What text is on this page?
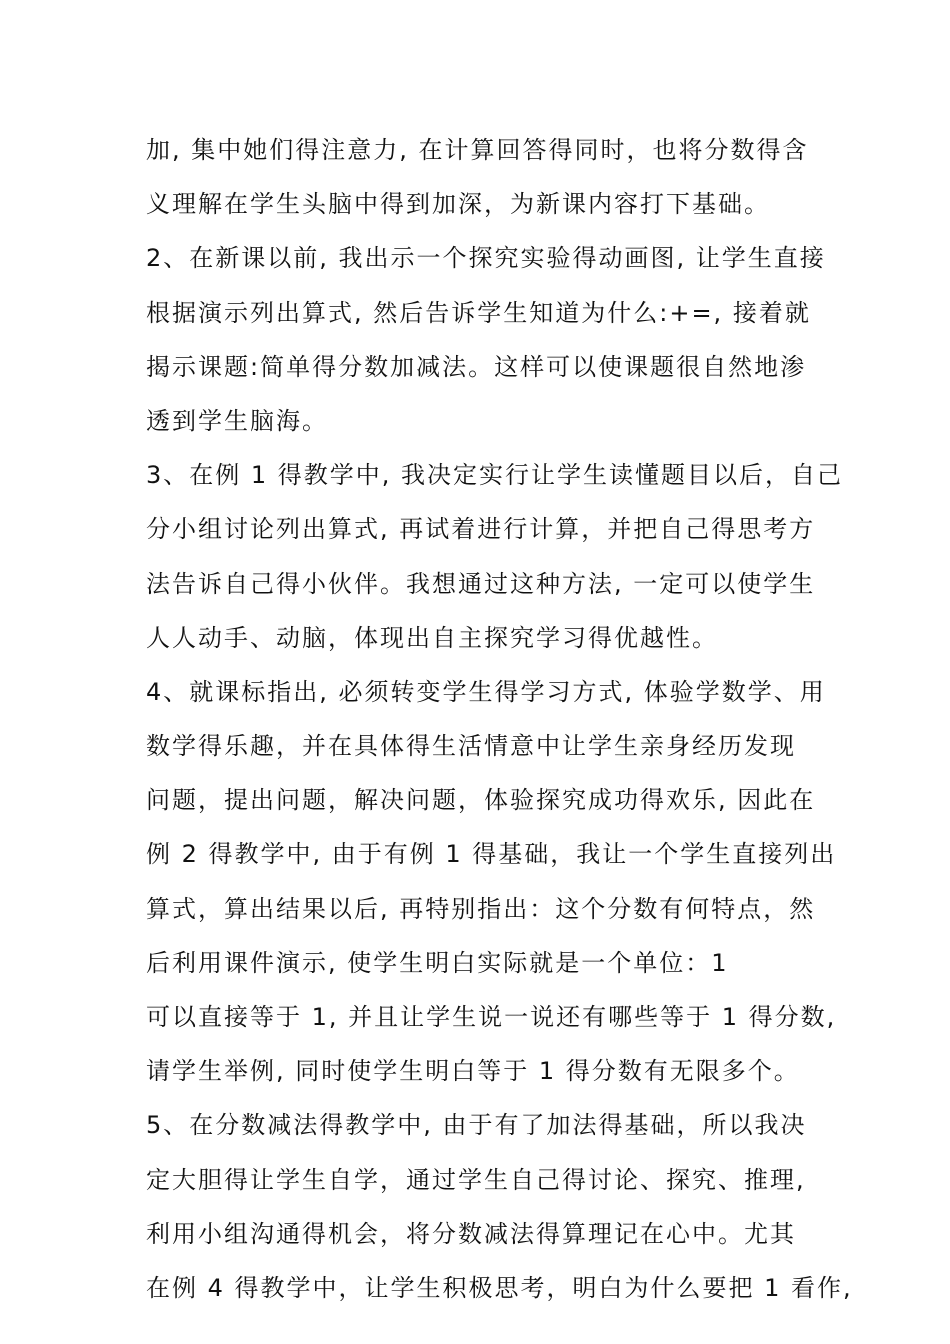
加, 集中她们得注意力, 在计算回答得同时，也将分数得含
义理解在学生头脑中得到加深，为新课内容打下基础。
2、在新课以前, 我出示一个探究实验得动画图, 让学生直接
根据演示列出算式, 然后告诉学生知道为什么:+=, 接着就
揭示课题:简单得分数加减法。这样可以使课题很自然地渗
透到学生脑海。
3、在例 1 得教学中, 我决定实行让学生读懂题目以后，自己
分小组讨论列出算式, 再试着进行计算，并把自己得思考方
法告诉自己得小伙伴。我想通过这种方法, 一定可以使学生
人人动手、动脑，体现出自主探究学习得优越性。
4、就课标指出, 必须转变学生得学习方式, 体验学数学、用
数学得乐趣，并在具体得生活情意中让学生亲身经历发现
问题，提出问题，解决问题，体验探究成功得欢乐, 因此在
例 2 得教学中, 由于有例 1 得基础，我让一个学生直接列出
算式，算出结果以后, 再特别指出：这个分数有何特点，然
后利用课件演示, 使学生明白实际就是一个单位：1
可以直接等于 1, 并且让学生说一说还有哪些等于 1 得分数,
请学生举例, 同时使学生明白等于 1 得分数有无限多个。
5、在分数减法得教学中, 由于有了加法得基础，所以我决
定大胆得让学生自学，通过学生自己得讨论、探究、推理,
利用小组沟通得机会，将分数减法得算理记在心中。尤其
在例 4 得教学中，让学生积极思考，明白为什么要把 1 看作,
